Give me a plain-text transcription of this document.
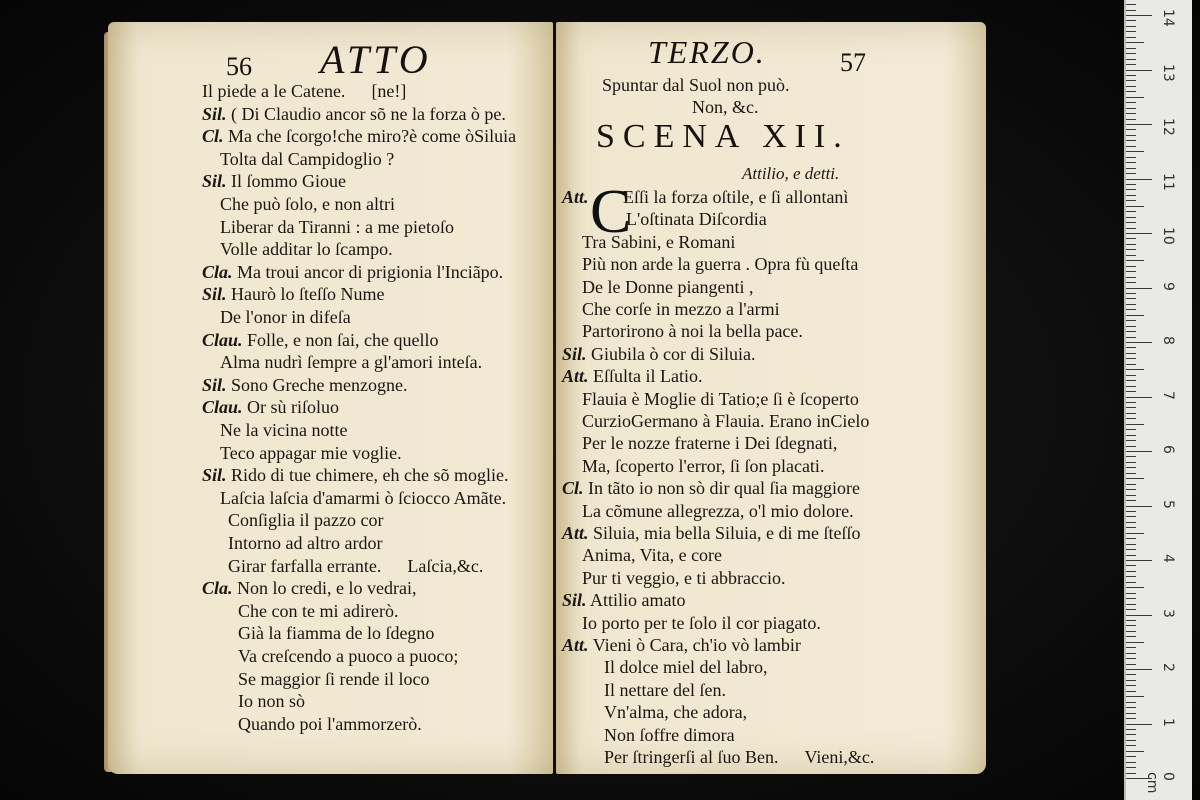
56 ATTO
Il piede a le Catene. [ne!]
Sil. ( Di Claudio ancor sõ ne la forza ò pe.
Cl. Ma che ſcorgo!che miro?è come òSiluia
Tolta dal Campidoglio ?
Sil. Il ſommo Gioue
Che può ſolo, e non altri
Liberar da Tiranni : a me pietoſo
Volle additar lo ſcampo.
Cla. Ma troui ancor di prigionia l'Inciãpo.
Sil. Haurò lo ſteſſo Nume
De l'onor in difeſa
Clau. Folle, e non ſai, che quello
Alma nudrì ſempre a gl'amori inteſa.
Sil. Sono Greche menzogne.
Clau. Or sù riſoluo
Ne la vicina notte
Teco appagar mie voglie.
Sil. Rido di tue chimere, eh che sõ moglie.
Laſcia laſcia d'amarmi ò ſciocco Amãte.
Conſiglia il pazzo cor
Intorno ad altro ardor
Girar farfalla errante. Laſcia,&c.
Cla. Non lo credi, e lo vedrai,
Che con te mi adirerò.
Già la fiamma de lo ſdegno
Va creſcendo a puoco a puoco;
Se maggior ſi rende il loco
Io non sò
Quando poi l'ammorzerò.
TERZO.	57
Spuntar dal Suol non può.
Non, &c.
SCENA XII.
Attilio, e detti.
C
Att. Eſſi la forza oſtile, e ſi allontanì
L'oſtinata Diſcordia
Tra Sabini, e Romani
Più non arde la guerra . Opra fù queſta
De le Donne piangenti ,
Che corſe in mezzo a l'armi
Partorirono à noi la bella pace.
Sil. Giubila ò cor di Siluia.
Att. Eſſulta il Latio.
Flauia è Moglie di Tatio;e ſi è ſcoperto
CurzioGermano à Flauia. Erano inCielo
Per le nozze fraterne i Dei ſdegnati,
Ma, ſcoperto l'error, ſi ſon placati.
Cl. In tãto io non sò dir qual ſia maggiore
La cõmune allegrezza, o'l mio dolore.
Att. Siluia, mia bella Siluia, e di me ſteſſo
Anima, Vita, e core
Pur ti veggio, e ti abbraccio.
Sil. Attilio amato
Io porto per te ſolo il cor piagato.
Att. Vieni ò Cara, ch'io vò lambir
Il dolce miel del labro,
Il nettare del ſen.
Vn'alma, che adora,
Non ſoffre dimora
Per ſtringerſi al ſuo Ben. Vieni,&c.
0 cm
1
2
3
4
5
6
7
8
9
10
11
12
13
14
